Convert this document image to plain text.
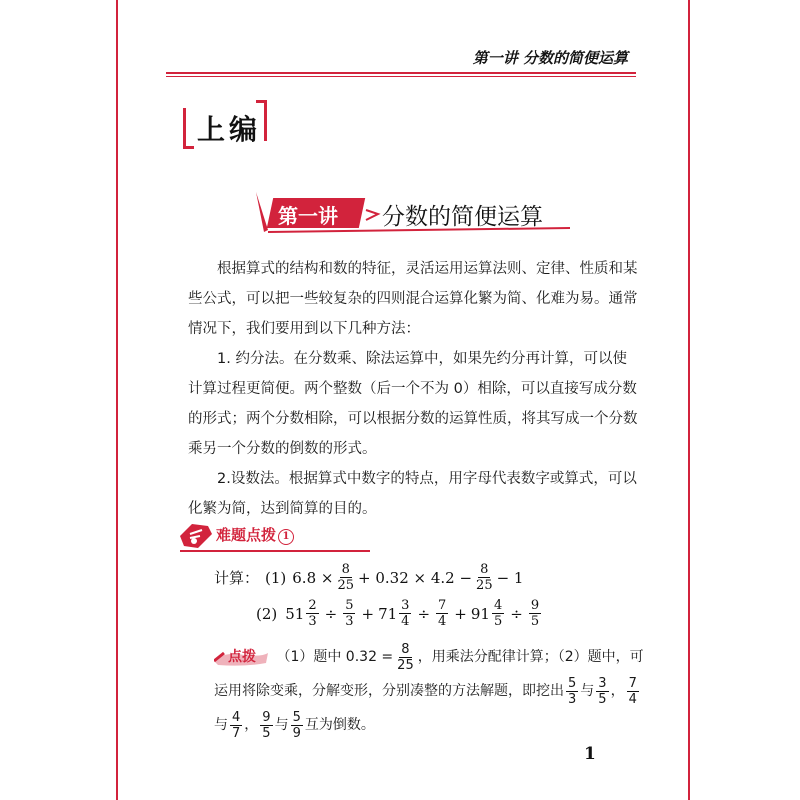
第一讲 分数的简便运算
上编
第一讲 分数的简便运算

根据算式的结构和数的特征，灵活运用运算法则、定律、性质和某些公式，可以把一些较复杂的四则混合运算化繁为简、化难为易。通常情况下，我们要用到以下几种方法：

1. 约分法。在分数乘、除法运算中，如果先约分再计算，可以使计算过程更简便。两个整数（后一个不为 0）相除，可以直接写成分数的形式；两个分数相除，可以根据分数的运算性质，将其写成一个分数乘另一个分数的倒数的形式。

2.设数法。根据算式中数字的特点，用字母代表数字或算式，可以化繁为简，达到简算的目的。

难题点拨 1
计算： (1) $6.8 \times \frac{8}{25} + 0.32 \times 4.2 - \frac{8}{25} - 1$
(2) $51 \frac{2}{3} \div \frac{5}{3} + 71 \frac{3}{4} \div \frac{7}{4} + 91 \frac{4}{5} \div \frac{9}{5}$
点拨 （1）题中 $0.32 = \frac{8}{25}$ ，用乘法分配律计算；（2）题中，可运用将除变乘，分解变形，分别凑整的方法解题，即挖出 $\frac{5}{3}$ 与 $\frac{3}{5}$ ， $\frac{7}{4}$
与 $\frac{4}{7}$ ， $\frac{9}{5}$ 与 $\frac{5}{9}$ 互为倒数。
1
